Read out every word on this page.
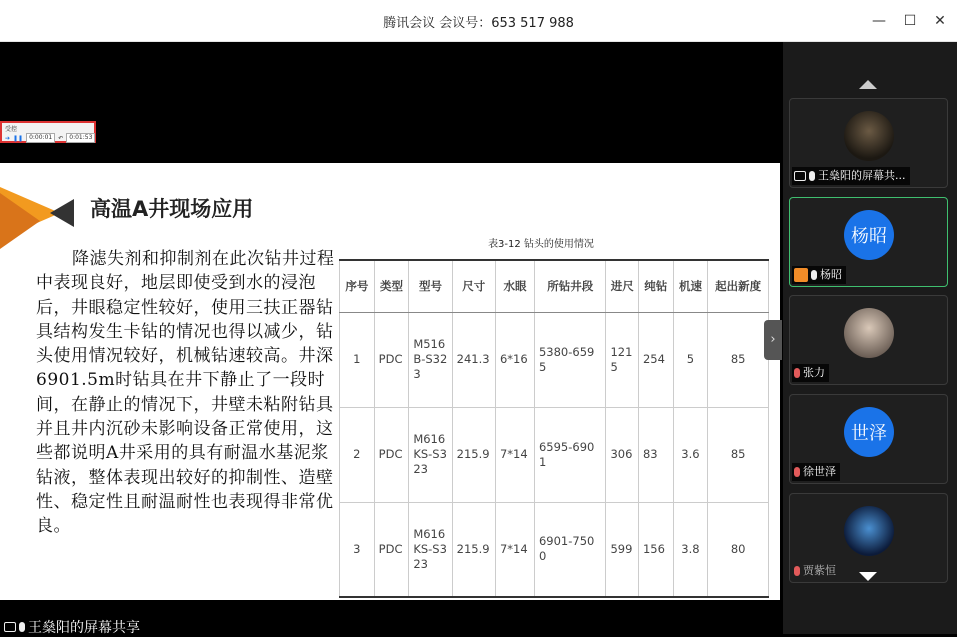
腾讯会议 会议号：653 517 988	—	☐	✕
高温A井现场应用
降滤失剂和抑制剂在此次钻井过程中表现良好，地层即使受到水的浸泡后，井眼稳定性较好，使用三扶正器钻具结构发生卡钻的情况也得以减少，钻头使用情况较好，机械钻速较高。井深6901.5m时钻具在井下静止了一段时间，在静止的情况下，井壁未粘附钻具并且井内沉砂未影响设备正常使用，这些都说明A井采用的具有耐温水基泥浆钻液，整体表现出较好的抑制性、造壁性、稳定性且耐温耐性也表现得非常优良。
表3-12 钻头的使用情况
序号	类型	型号	尺寸	水眼	所钻井段	进尺	纯钻	机速	起出新度
1	PDC	M516B-S323	241.3	6*16	5380-6595	1215	254	5	85
2	PDC	M616KS-S323	215.9	7*14	6595-6901	306	83	3.6	85
3	PDC	M616KS-S323	215.9	7*14	6901-7500	599	156	3.8	80
受控
➔ ❚❚	0:00:01	↶	0:01:53
›
王燊阳的屏幕共享
王燊阳的屏幕共...
杨昭
杨昭
张力
世泽
徐世泽
贾紫恒
